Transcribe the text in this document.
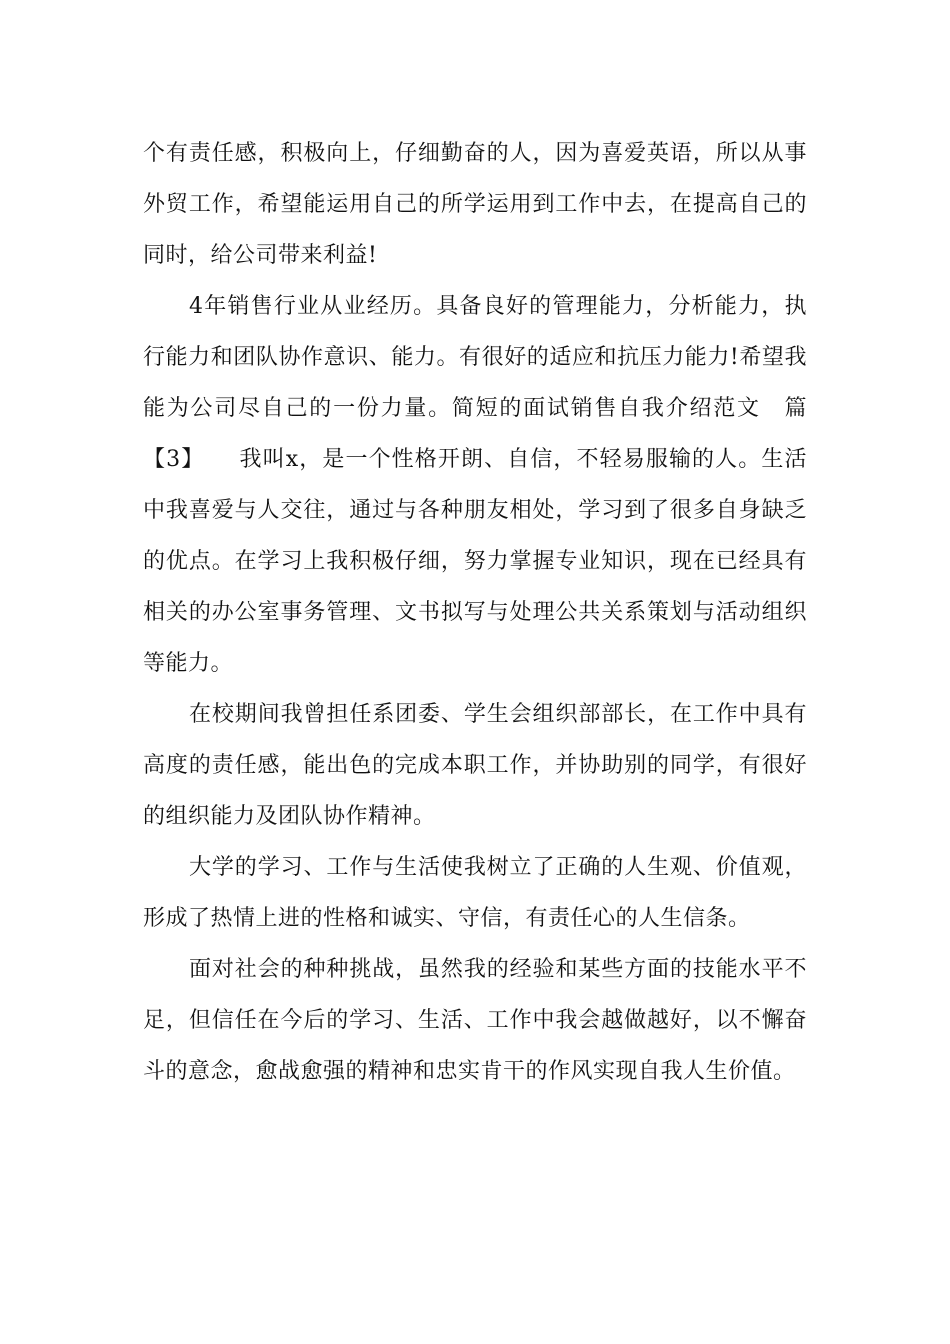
个有责任感，积极向上，仔细勤奋的人，因为喜爱英语，所以从事
外贸工作，希望能运用自己的所学运用到工作中去，在提高自己的
同时，给公司带来利益!
4年销售行业从业经历。具备良好的管理能力，分析能力，执
行能力和团队协作意识、能力。有很好的适应和抗压力能力!希望我
能为公司尽自己的一份力量。简短的面试销售自我介绍范文　篇
【3】　　我叫x，是一个性格开朗、自信，不轻易服输的人。生活
中我喜爱与人交往，通过与各种朋友相处，学习到了很多自身缺乏
的优点。在学习上我积极仔细，努力掌握专业知识，现在已经具有
相关的办公室事务管理、文书拟写与处理公共关系策划与活动组织
等能力。
在校期间我曾担任系团委、学生会组织部部长，在工作中具有
高度的责任感，能出色的完成本职工作，并协助别的同学，有很好
的组织能力及团队协作精神。
大学的学习、工作与生活使我树立了正确的人生观、价值观，
形成了热情上进的性格和诚实、守信，有责任心的人生信条。
面对社会的种种挑战，虽然我的经验和某些方面的技能水平不
足，但信任在今后的学习、生活、工作中我会越做越好，以不懈奋
斗的意念，愈战愈强的精神和忠实肯干的作风实现自我人生价值。
